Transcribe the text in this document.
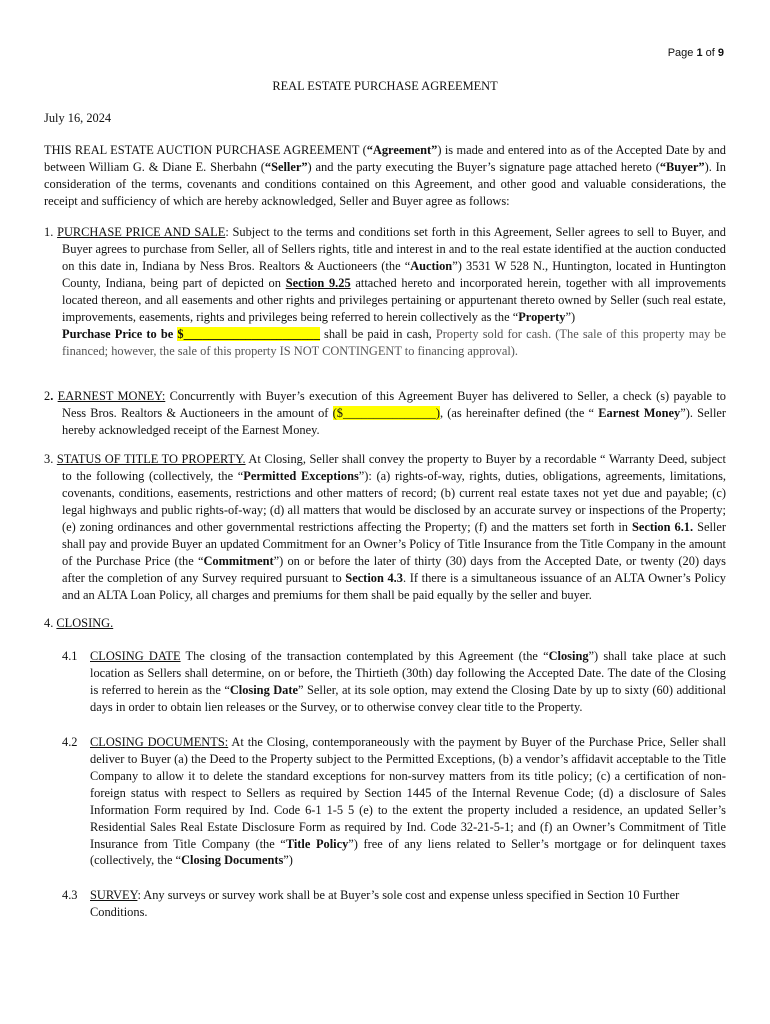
Page 1 of 9
REAL ESTATE PURCHASE AGREEMENT
July 16, 2024

THIS REAL ESTATE AUCTION PURCHASE AGREEMENT (“Agreement”) is made and entered into as of the Accepted Date by and between William G. & Diane E. Sherbahn (“Seller”) and the party executing the Buyer’s signature page attached hereto (“Buyer”). In consideration of the terms, covenants and conditions contained on this Agreement, and other good and valuable considerations, the receipt and sufficiency of which are hereby acknowledged, Seller and Buyer agree as follows:

1. PURCHASE PRICE AND SALE: Subject to the terms and conditions set forth in this Agreement, Seller agrees to sell to Buyer, and Buyer agrees to purchase from Seller, all of Sellers rights, title and interest in and to the real estate identified at the auction conducted on this date in, Indiana by Ness Bros. Realtors & Auctioneers (the “Auction”) 3531 W 528 N., Huntington, located in Huntington County, Indiana, being part of depicted on Section 9.25 attached hereto and incorporated herein, together with all improvements located thereon, and all easements and other rights and privileges pertaining or appurtenant thereto owned by Seller (such real estate, improvements, easements, rights and privileges being referred to herein collectively as the “Property”)

Purchase Price to be $______________________ shall be paid in cash, Property sold for cash. (The sale of this property may be financed; however, the sale of this property IS NOT CONTINGENT to financing approval).

2. EARNEST MONEY: Concurrently with Buyer’s execution of this Agreement Buyer has delivered to Seller, a check (s) payable to Ness Bros. Realtors & Auctioneers in the amount of ($_______________), (as hereinafter defined (the “ Earnest Money”). Seller hereby acknowledged receipt of the Earnest Money.

3. STATUS OF TITLE TO PROPERTY. At Closing, Seller shall convey the property to Buyer by a recordable “ Warranty Deed, subject to the following (collectively, the “Permitted Exceptions”): (a) rights-of-way, rights, duties, obligations, agreements, limitations, covenants, conditions, easements, restrictions and other matters of record; (b) current real estate taxes not yet due and payable; (c) legal highways and public rights-of-way; (d) all matters that would be disclosed by an accurate survey or inspections of the Property; (e) zoning ordinances and other governmental restrictions affecting the Property; (f) and the matters set forth in Section 6.1. Seller shall pay and provide Buyer an updated Commitment for an Owner’s Policy of Title Insurance from the Title Company in the amount of the Purchase Price (the “Commitment”) on or before the later of thirty (30) days from the Accepted Date, or twenty (20) days after the completion of any Survey required pursuant to Section 4.3. If there is a simultaneous issuance of an ALTA Owner’s Policy and an ALTA Loan Policy, all charges and premiums for them shall be paid equally by the seller and buyer.

4. CLOSING.

4.1 CLOSING DATE The closing of the transaction contemplated by this Agreement (the “Closing”) shall take place at such location as Sellers shall determine, on or before, the Thirtieth (30th) day following the Accepted Date. The date of the Closing is referred to herein as the “Closing Date” Seller, at its sole option, may extend the Closing Date by up to sixty (60) additional days in order to obtain lien releases or the Survey, or to otherwise convey clear title to the Property.

4.2 CLOSING DOCUMENTS: At the Closing, contemporaneously with the payment by Buyer of the Purchase Price, Seller shall deliver to Buyer (a) the Deed to the Property subject to the Permitted Exceptions, (b) a vendor’s affidavit acceptable to the Title Company to allow it to delete the standard exceptions for non-survey matters from its title policy; (c) a certification of non-foreign status with respect to Sellers as required by Section 1445 of the Internal Revenue Code; (d) a disclosure of Sales Information Form required by Ind. Code 6-1 1-5 5 (e) to the extent the property included a residence, an updated Seller’s Residential Sales Real Estate Disclosure Form as required by Ind. Code 32-21-5-1; and (f) an Owner’s Commitment of Title Insurance from Title Company (the “Title Policy”) free of any liens related to Seller’s mortgage or for delinquent taxes (collectively, the “Closing Documents”)

4.3 SURVEY: Any surveys or survey work shall be at Buyer’s sole cost and expense unless specified in Section 10 Further Conditions.
